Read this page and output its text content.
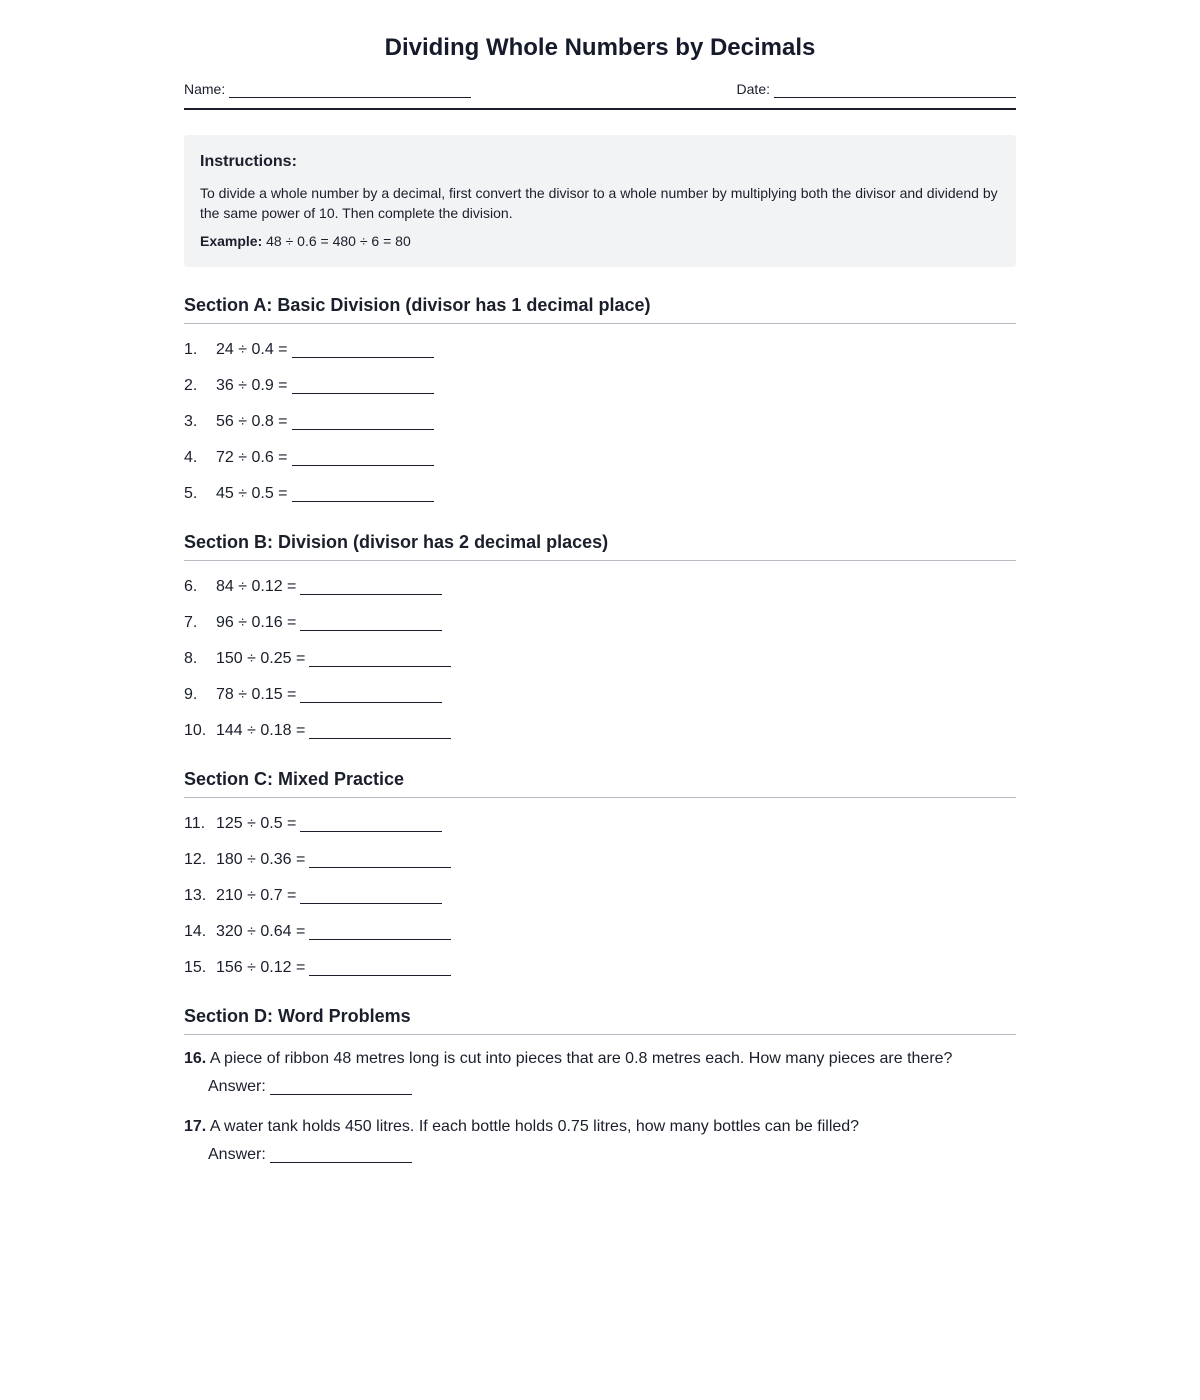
Dividing Whole Numbers by Decimals
Name:	Date:
Instructions:

To divide a whole number by a decimal, first convert the divisor to a whole number by multiplying both the divisor and dividend by the same power of 10. Then complete the division.

Example: 48 ÷ 0.6 = 480 ÷ 6 = 80

Section A: Basic Division (divisor has 1 decimal place)
1.	24 ÷ 0.4 =
2.	36 ÷ 0.9 =
3.	56 ÷ 0.8 =
4.	72 ÷ 0.6 =
5.	45 ÷ 0.5 =
Section B: Division (divisor has 2 decimal places)
6.	84 ÷ 0.12 =
7.	96 ÷ 0.16 =
8.	150 ÷ 0.25 =
9.	78 ÷ 0.15 =
10. 144 ÷ 0.18 =
Section C: Mixed Practice
11. 125 ÷ 0.5 =
12. 180 ÷ 0.36 =
13. 210 ÷ 0.7 =
14. 320 ÷ 0.64 =
15. 156 ÷ 0.12 =
Section D: Word Problems
16. A piece of ribbon 48 metres long is cut into pieces that are 0.8 metres each. How many pieces are there?
Answer:
17. A water tank holds 450 litres. If each bottle holds 0.75 litres, how many bottles can be filled?
Answer:
